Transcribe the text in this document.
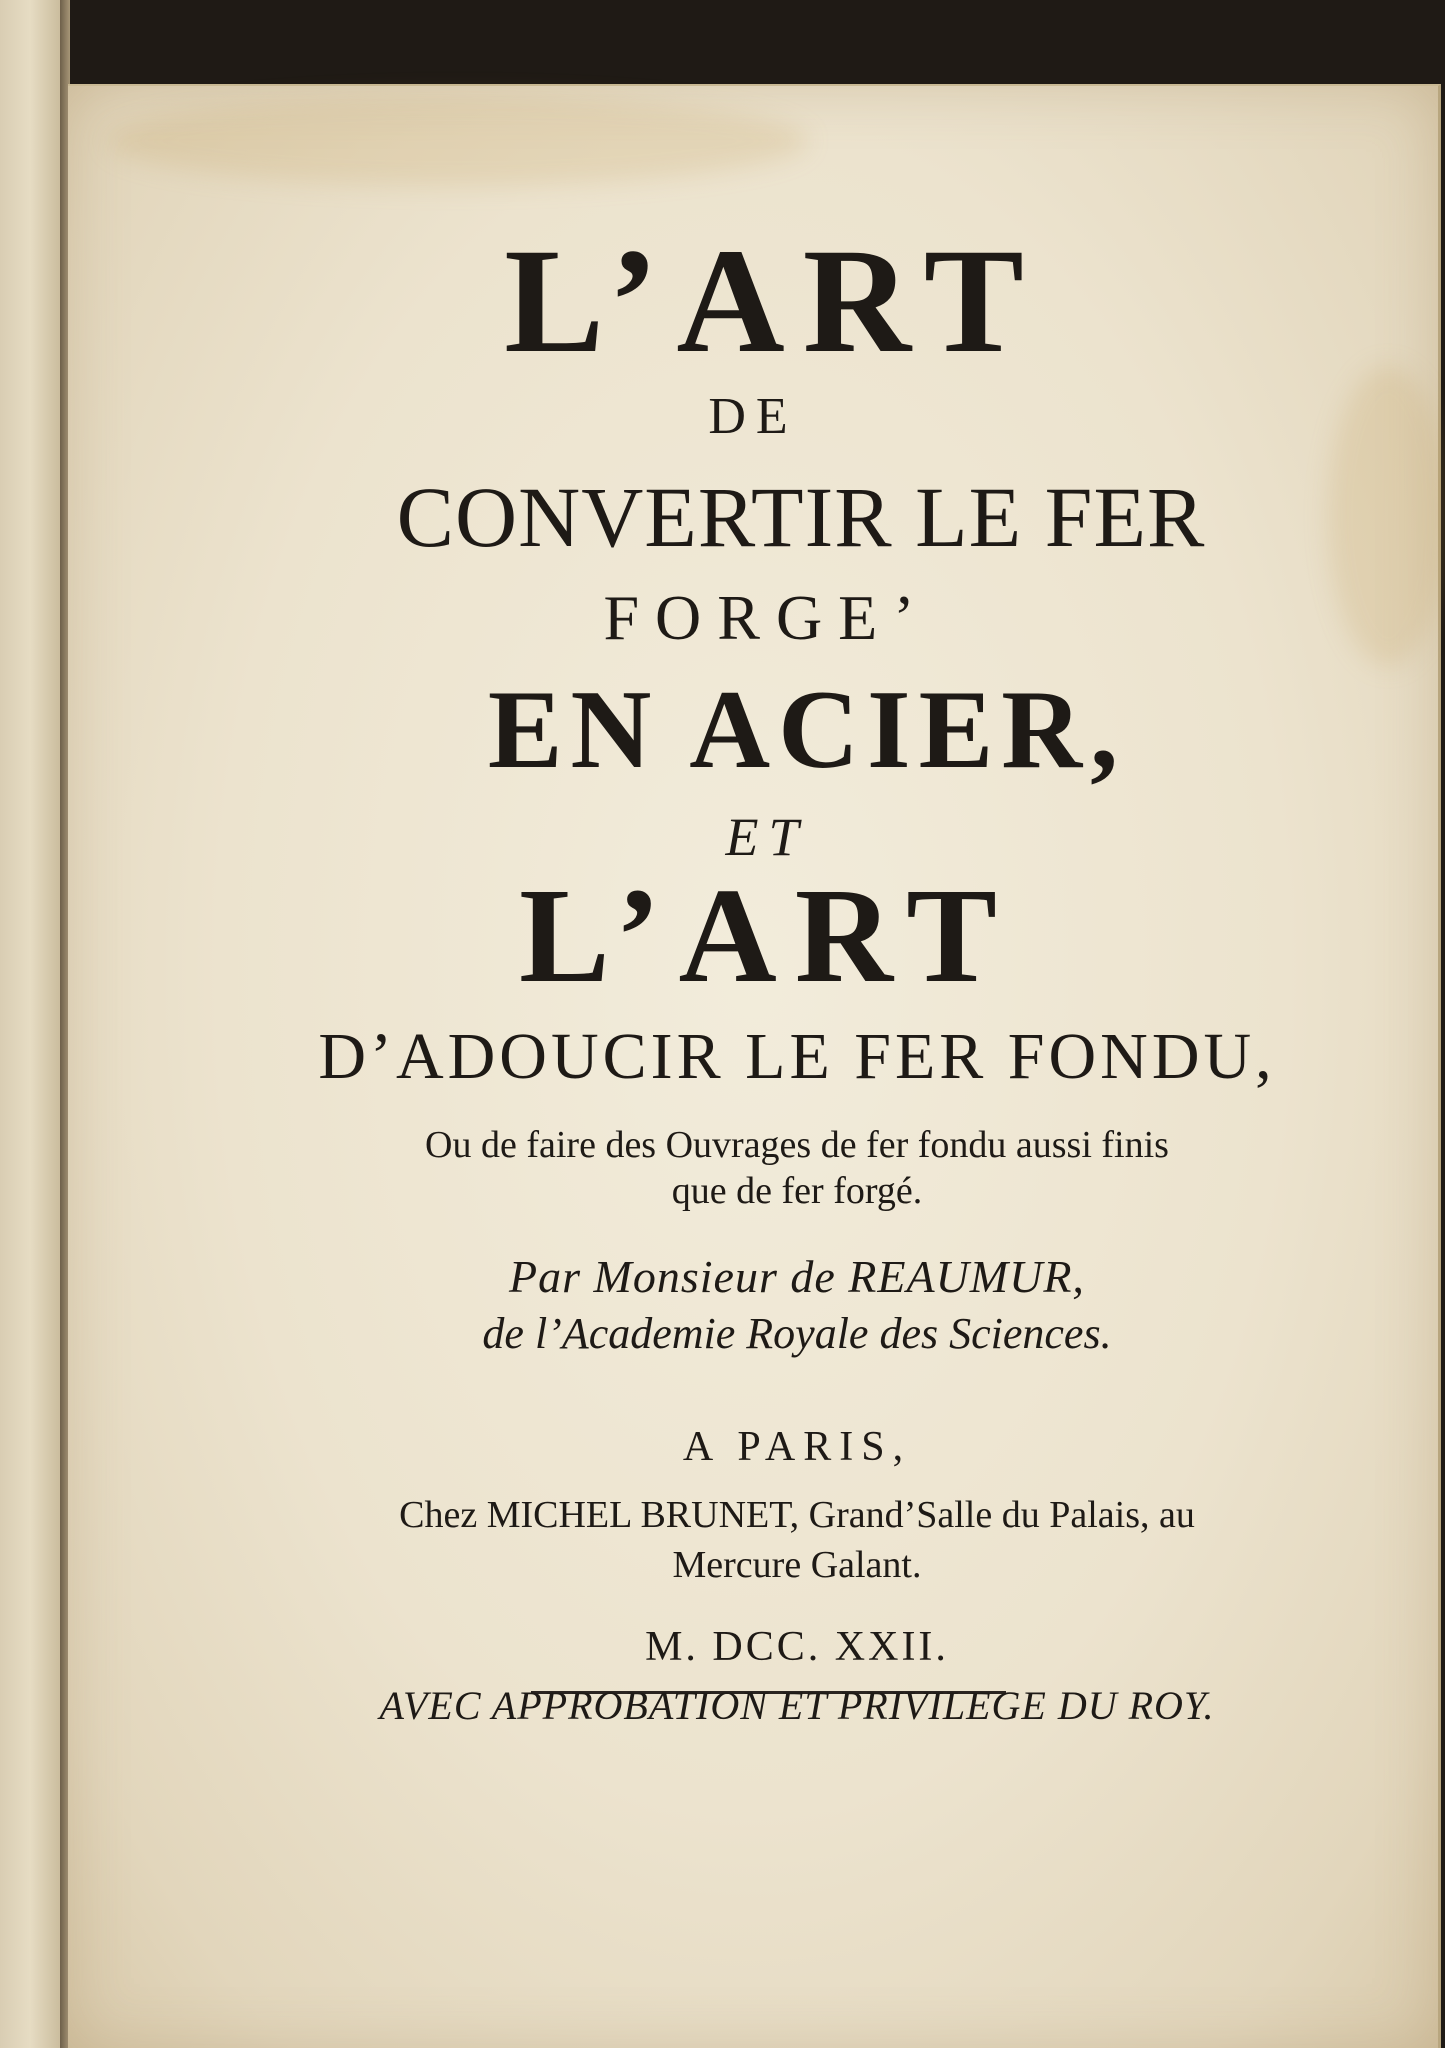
L’ART
DE
CONVERTIR LE FER
FORGE’
EN ACIER,
ET
L’ART
D’ADOUCIR LE FER FONDU,
Ou de faire des Ouvrages de fer fondu aussi finis
que de fer forgé.
Par Monsieur de REAUMUR,
de l’Academie Royale des Sciences.
A PARIS,
Chez MICHEL BRUNET, Grand’Salle du Palais, au
Mercure Galant.
M. DCC. XXII.
AVEC APPROBATION ET PRIVILEGE DU ROY.
